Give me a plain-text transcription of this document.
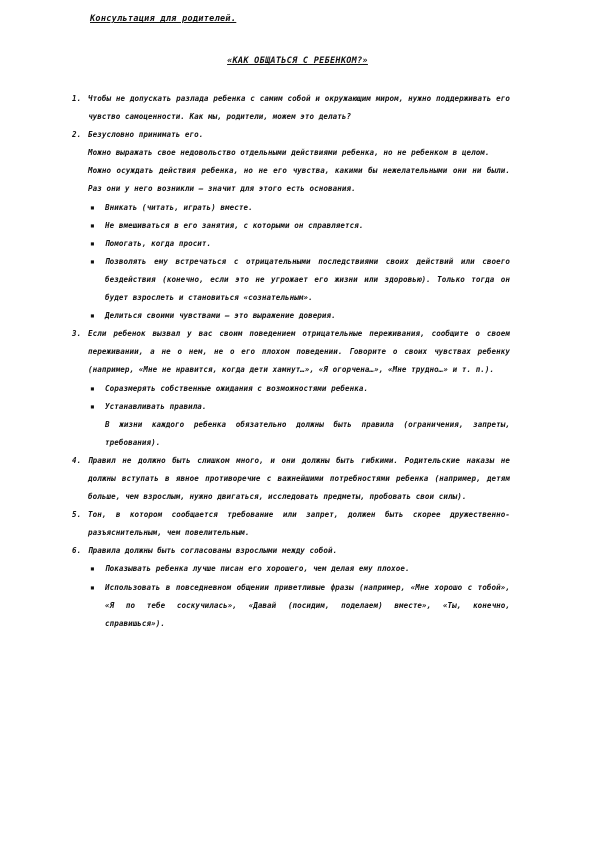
Консультация для родителей.
«КАК ОБЩАТЬСЯ С РЕБЕНКОМ?»
1. Чтобы не допускать разлада ребенка с самим собой и окружающим миром, нужно поддерживать его чувство самоценности. Как мы, родители, можем это делать?

2. Безусловно принимать его.

Можно выражать свое недовольство отдельными действиями ребенка, но не ребенком в целом.

Можно осуждать действия ребенка, но не его чувства, какими бы нежелательными они ни были. Раз они у него возникли – значит для этого есть основания.

▪ Вникать (читать, играть) вместе.
▪ Не вмешиваться в его занятия, с которыми он справляется.
▪ Помогать, когда просит.
▪ Позволять ему встречаться с отрицательными последствиями своих действий или своего бездействия (конечно, если это не угрожает его жизни или здоровью). Только тогда он будет взрослеть и становиться «сознательным».
▪ Делиться своими чувствами – это выражение доверия.
3. Если ребенок вызвал у вас своим поведением отрицательные переживания, сообщите о своем переживании, а не о нем, не о его плохом поведении. Говорите о своих чувствах ребенку (например, «Мне не нравится, когда дети хамнут…», «Я огорчена…», «Мне трудно…» и т. п.).

▪ Соразмерять собственные ожидания с возможностями ребенка.
▪ Устанавливать правила.

В жизни каждого ребенка обязательно должны быть правила (ограничения, запреты, требования).

4. Правил не должно быть слишком много, и они должны быть гибкими. Родительские наказы не должны вступать в явное противоречие с важнейшими потребностями ребенка (например, детям больше, чем взрослым, нужно двигаться, исследовать предметы, пробовать свои силы).

5. Тон, в котором сообщается требование или запрет, должен быть скорее дружественно-разъяснительным, чем повелительным.

6. Правила должны быть согласованы взрослыми между собой.

▪ Показывать ребенка лучше писан его хорошего, чем делая ему плохое.
▪ Использовать в повседневном общении приветливые фразы (например, «Мне хорошо с тобой», «Я по тебе соскучилась», «Давай (посидим, поделаем) вместе», «Ты, конечно, справишься»).
